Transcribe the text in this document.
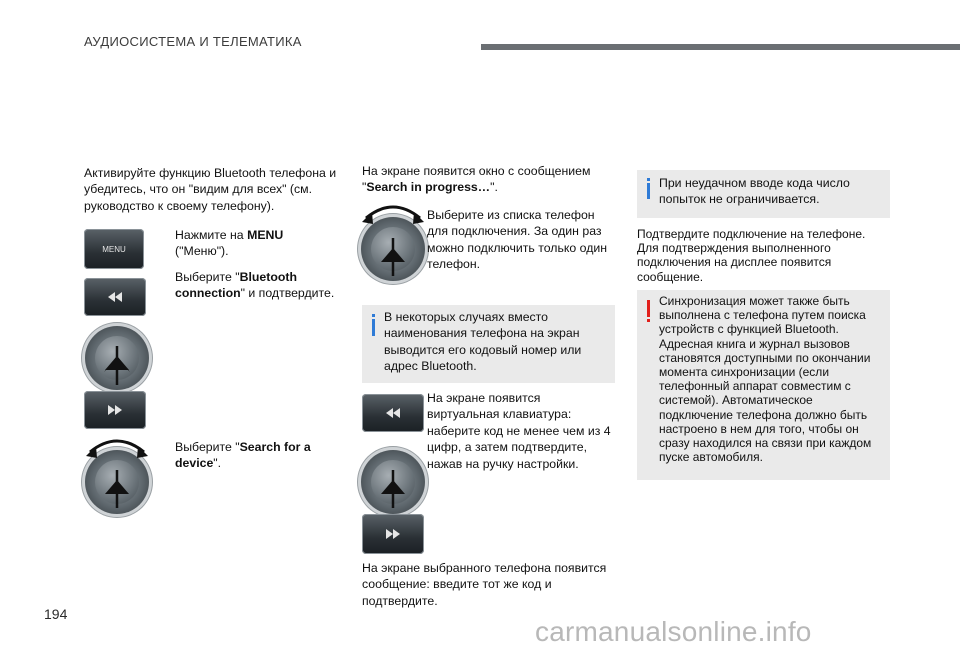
АУДИОСИСТЕМА И ТЕЛЕМАТИКА
Активируйте функцию Bluetooth телефона и убедитесь, что он "видим для всех" (см. руководство к своему телефону).
MENU
Нажмите на MENU
("Меню").
Выберите "Bluetooth connection" и подтвердите.
Выберите "Search for a device".
На экране появится окно с сообщением "Search in progress…".
Выберите из списка телефон для подключения. За один раз можно подключить только один телефон.
В некоторых случаях вместо наименования телефона на экран выводится его кодовый номер или адрес Bluetooth.
На экране появится виртуальная клавиатура: наберите код не менее чем из 4 цифр, а затем подтвердите, нажав на ручку настройки.
На экране выбранного телефона появится сообщение: введите тот же код и подтвердите.
При неудачном вводе кода число попыток не ограничивается.
Подтвердите подключение на телефоне. Для подтверждения выполненного подключения на дисплее появится сообщение.
Синхронизация может также быть выполнена с телефона путем поиска устройств с функцией Bluetooth. Адресная книга и журнал вызовов становятся доступными по окончании момента синхронизации (если телефонный аппарат совместим с системой). Автоматическое подключение телефона должно быть настроено в нем для того, чтобы он сразу находился на связи при каждом пуске автомобиля.
194
carmanualsonline.info
